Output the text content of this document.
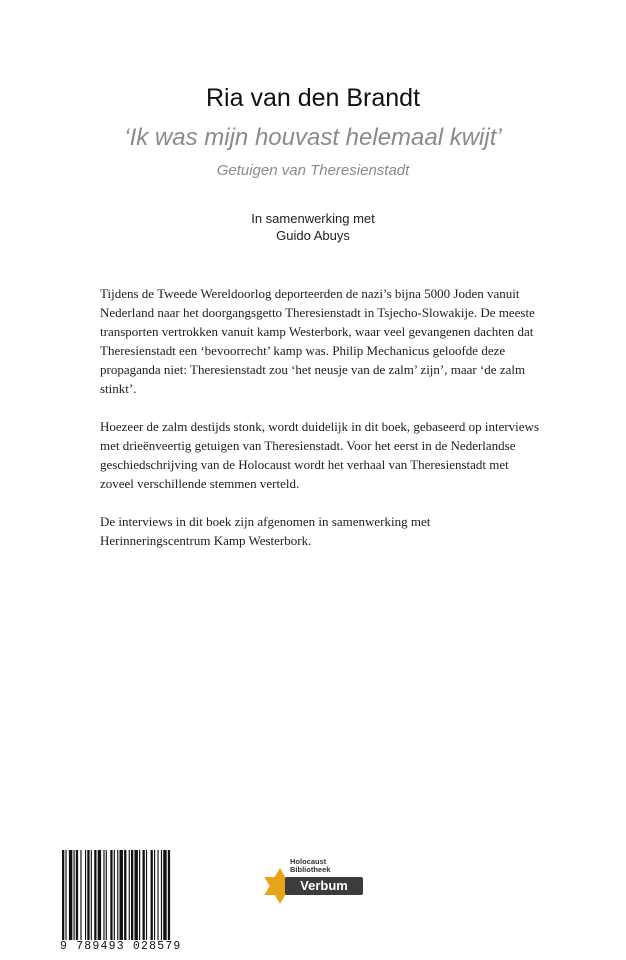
Ria van den Brandt
‘Ik was mijn houvast helemaal kwijt’
Getuigen van Theresienstadt
In samenwerking met
Guido Abuys

Tijdens de Tweede Wereldoorlog deporteerden de nazi’s bijna 5000 Joden vanuit Nederland naar het doorgangsgetto Theresienstadt in Tsjecho-Slowakije. De meeste transporten vertrokken vanuit kamp Westerbork, waar veel gevangenen dachten dat Theresienstadt een ‘bevoorrecht’ kamp was. Philip Mechanicus geloofde deze propaganda niet: Theresienstadt zou ‘het neusje van de zalm’ zijn’, maar ‘de zalm stinkt’.

Hoezeer de zalm destijds stonk, wordt duidelijk in dit boek, gebaseerd op interviews met drieënveertig getuigen van Theresienstadt. Voor het eerst in de Nederlandse geschiedschrijving van de Holocaust wordt het verhaal van Theresienstadt met zoveel verschillende stemmen verteld.

De interviews in dit boek zijn afgenomen in samenwerking met Herinneringscentrum Kamp Westerbork.

9 789493 028579
Holocaust
Bibliotheek
Verbum
